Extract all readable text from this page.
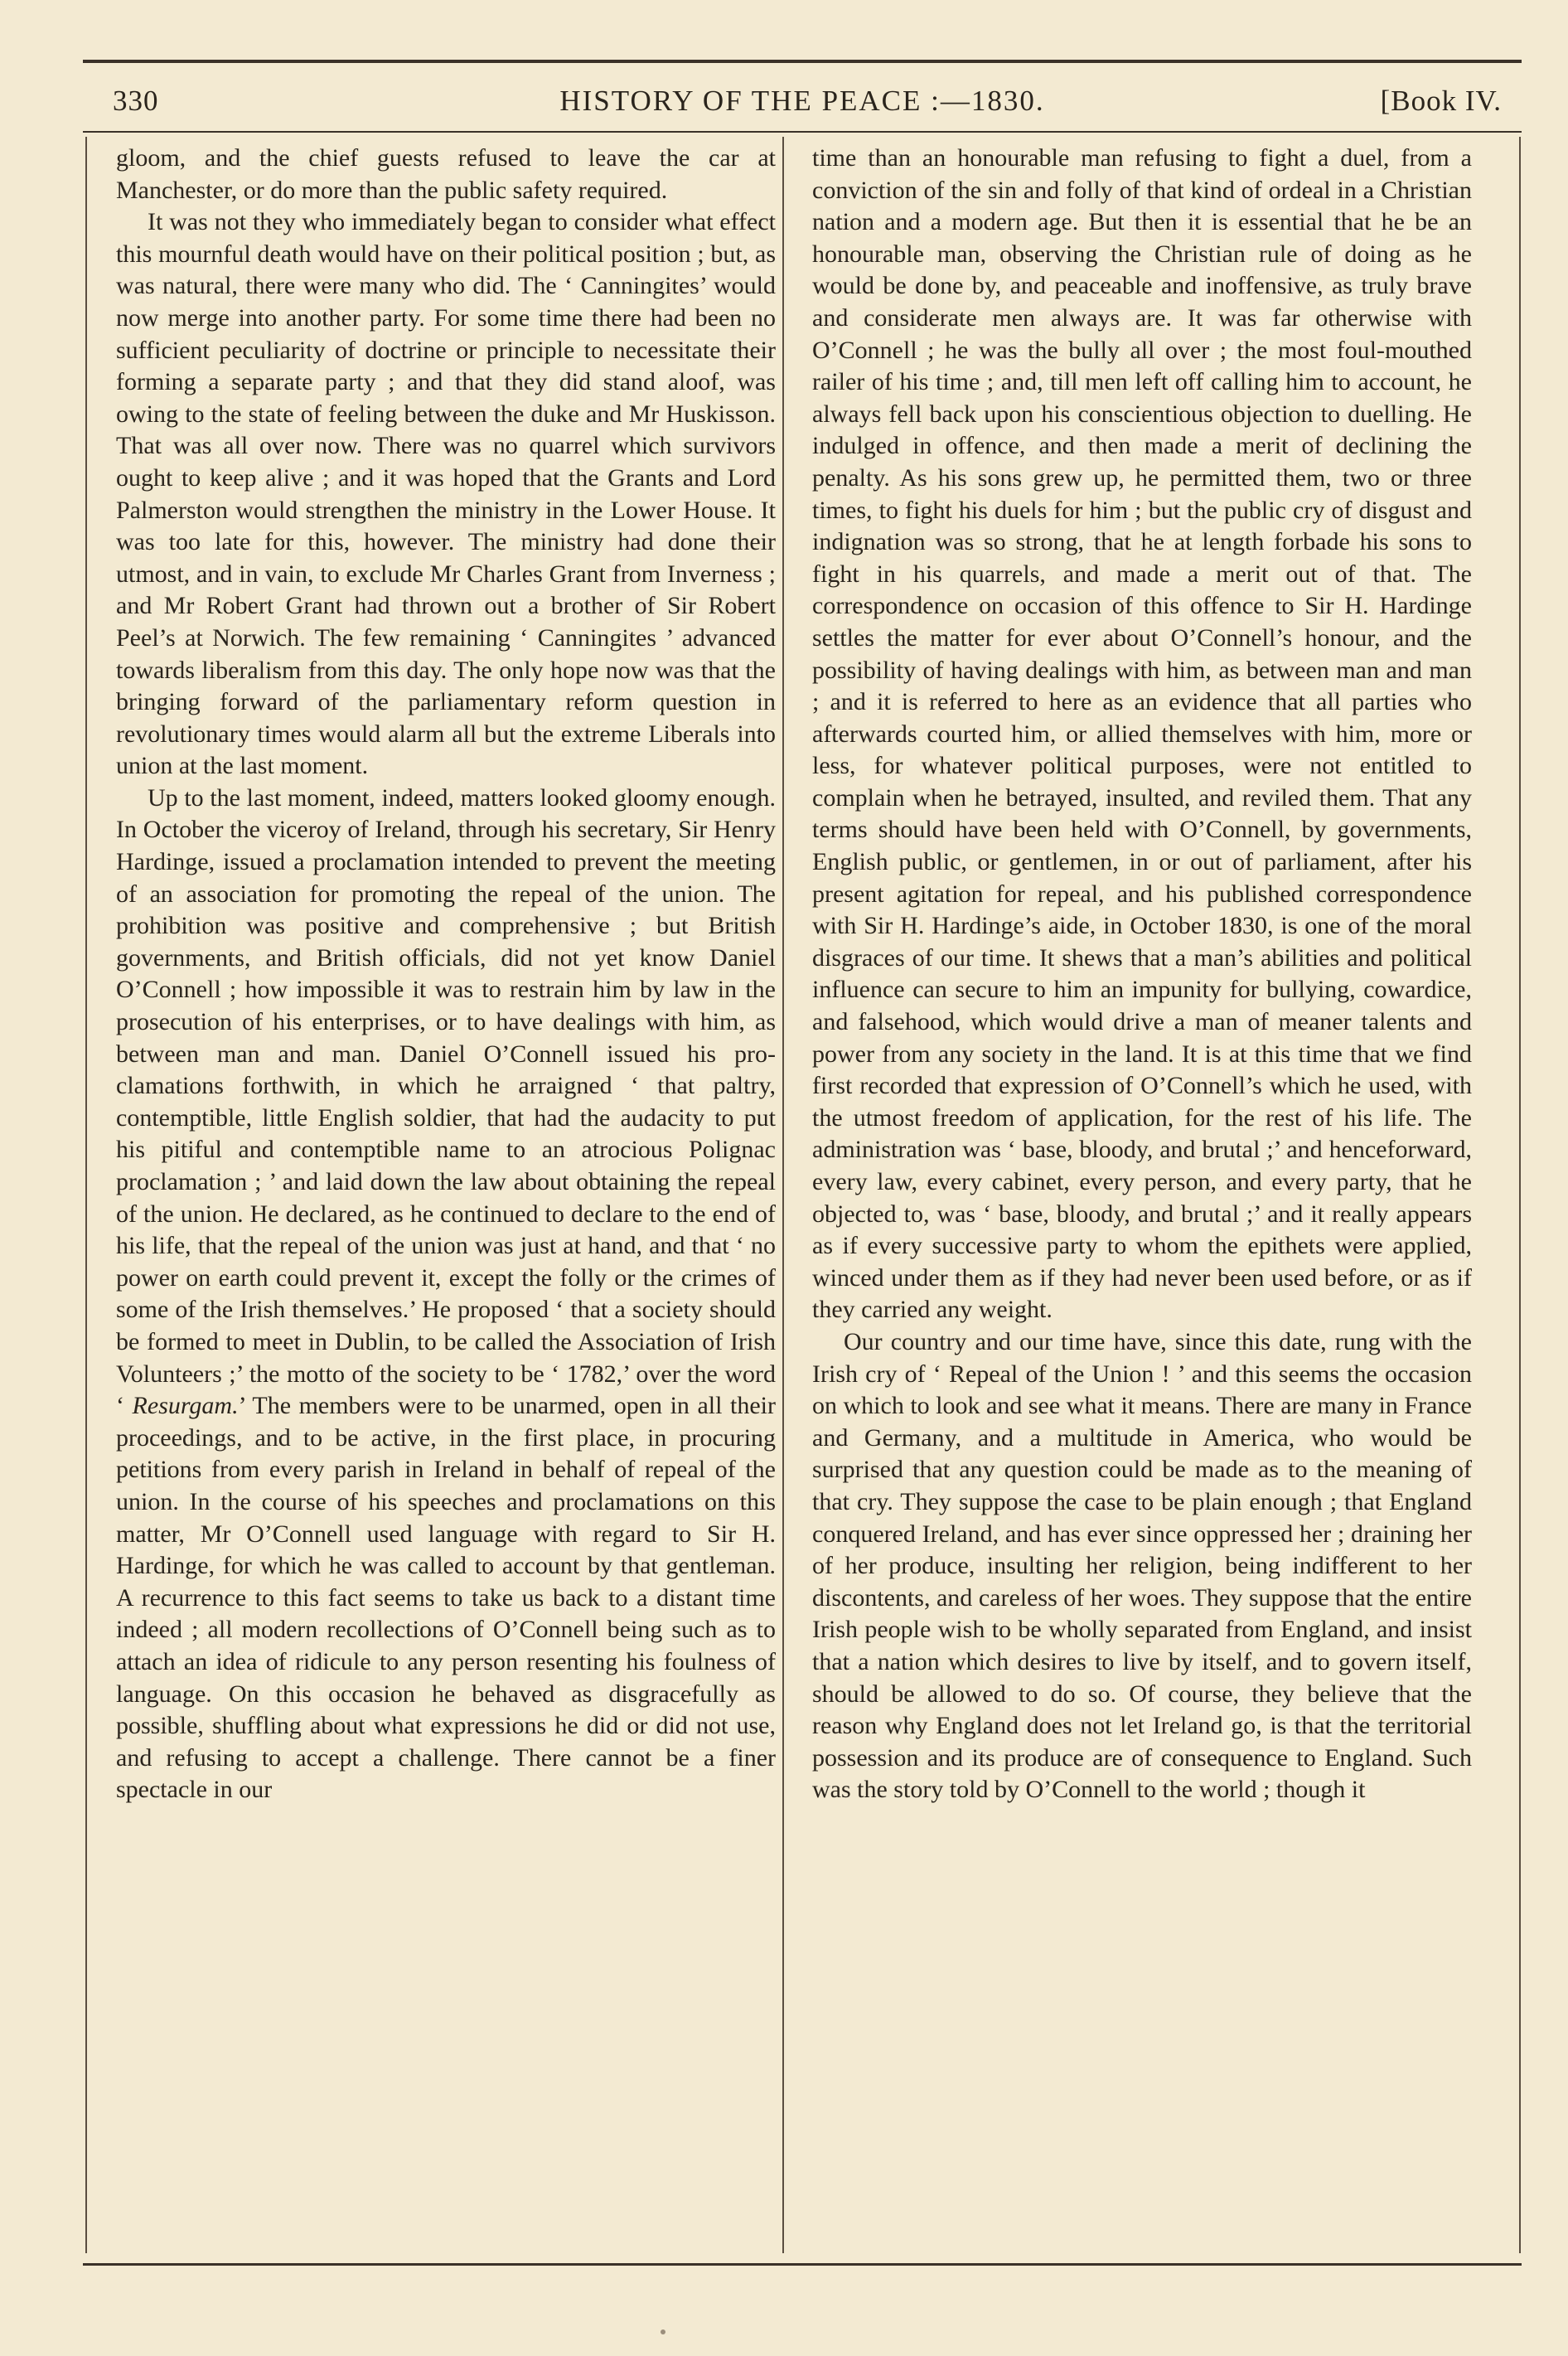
330	HISTORY OF THE PEACE :—1830.	[Book IV.

gloom, and the chief guests refused to leave the car at Manchester, or do more than the public safety required.

It was not they who immediately began to consider what effect this mournful death would have on their political position ; but, as was natural, there were many who did. The ‘ Canningites’ would now merge into another party. For some time there had been no sufficient peculiarity of doctrine or principle to necessitate their forming a separate party ; and that they did stand aloof, was owing to the state of feeling between the duke and Mr Huskisson. That was all over now. There was no quarrel which survivors ought to keep alive ; and it was hoped that the Grants and Lord Palmerston would strengthen the ministry in the Lower House. It was too late for this, however. The ministry had done their utmost, and in vain, to exclude Mr Charles Grant from Inverness ; and Mr Robert Grant had thrown out a brother of Sir Robert Peel’s at Norwich. The few remaining ‘ Canningites ’ advanced towards liberalism from this day. The only hope now was that the bringing forward of the parliamentary reform question in revolutionary times would alarm all but the extreme Liberals into union at the last moment.

Up to the last moment, indeed, matters looked gloomy enough. In October the viceroy of Ireland, through his secretary, Sir Henry Hardinge, issued a proclamation intended to prevent the meeting of an association for promoting the repeal of the union. The prohibition was positive and comprehensive ; but British governments, and British officials, did not yet know Daniel O’Connell ; how impossible it was to restrain him by law in the prosecution of his enterprises, or to have dealings with him, as between man and man. Daniel O’Connell issued his proclamations forthwith, in which he arraigned ‘ that paltry, contemptible, little English soldier, that had the audacity to put his pitiful and contemptible name to an atrocious Polignac proclamation ; ’ and laid down the law about obtaining the repeal of the union. He declared, as he continued to declare to the end of his life, that the repeal of the union was just at hand, and that ‘ no power on earth could prevent it, except the folly or the crimes of some of the Irish themselves.’ He proposed ‘ that a society should be formed to meet in Dublin, to be called the Association of Irish Volunteers ;’ the motto of the society to be ‘ 1782,’ over the word ‘ Resurgam.’ The members were to be unarmed, open in all their proceedings, and to be active, in the first place, in procuring petitions from every parish in Ireland in behalf of repeal of the union. In the course of his speeches and proclamations on this matter, Mr O’Connell used language with regard to Sir H. Hardinge, for which he was called to account by that gentleman. A recurrence to this fact seems to take us back to a distant time indeed ; all modern recollections of O’Connell being such as to attach an idea of ridicule to any person resenting his foulness of language. On this occasion he behaved as disgracefully as possible, shuffling about what expressions he did or did not use, and refusing to accept a challenge. There cannot be a finer spectacle in our

time than an honourable man refusing to fight a duel, from a conviction of the sin and folly of that kind of ordeal in a Christian nation and a modern age. But then it is essential that he be an honourable man, observing the Christian rule of doing as he would be done by, and peaceable and inoffensive, as truly brave and considerate men always are. It was far otherwise with O’Connell ; he was the bully all over ; the most foul-mouthed railer of his time ; and, till men left off calling him to account, he always fell back upon his conscientious objection to duelling. He indulged in offence, and then made a merit of declining the penalty. As his sons grew up, he permitted them, two or three times, to fight his duels for him ; but the public cry of disgust and indignation was so strong, that he at length forbade his sons to fight in his quarrels, and made a merit out of that. The correspondence on occasion of this offence to Sir H. Hardinge settles the matter for ever about O’Connell’s honour, and the possibility of having dealings with him, as between man and man ; and it is referred to here as an evidence that all parties who afterwards courted him, or allied themselves with him, more or less, for whatever political purposes, were not entitled to complain when he betrayed, insulted, and reviled them. That any terms should have been held with O’Connell, by governments, English public, or gentlemen, in or out of parliament, after his present agitation for repeal, and his published correspondence with Sir H. Hardinge’s aide, in October 1830, is one of the moral disgraces of our time. It shews that a man’s abilities and political influence can secure to him an impunity for bullying, cowardice, and falsehood, which would drive a man of meaner talents and power from any society in the land. It is at this time that we find first recorded that expression of O’Connell’s which he used, with the utmost freedom of application, for the rest of his life. The administration was ‘ base, bloody, and brutal ;’ and henceforward, every law, every cabinet, every person, and every party, that he objected to, was ‘ base, bloody, and brutal ;’ and it really appears as if every successive party to whom the epithets were applied, winced under them as if they had never been used before, or as if they carried any weight.

Our country and our time have, since this date, rung with the Irish cry of ‘ Repeal of the Union ! ’ and this seems the occasion on which to look and see what it means. There are many in France and Germany, and a multitude in America, who would be surprised that any question could be made as to the meaning of that cry. They suppose the case to be plain enough ; that England conquered Ireland, and has ever since oppressed her ; draining her of her produce, insulting her religion, being indifferent to her discontents, and careless of her woes. They suppose that the entire Irish people wish to be wholly separated from England, and insist that a nation which desires to live by itself, and to govern itself, should be allowed to do so. Of course, they believe that the reason why England does not let Ireland go, is that the territorial possession and its produce are of consequence to England. Such was the story told by O’Connell to the world ; though it
